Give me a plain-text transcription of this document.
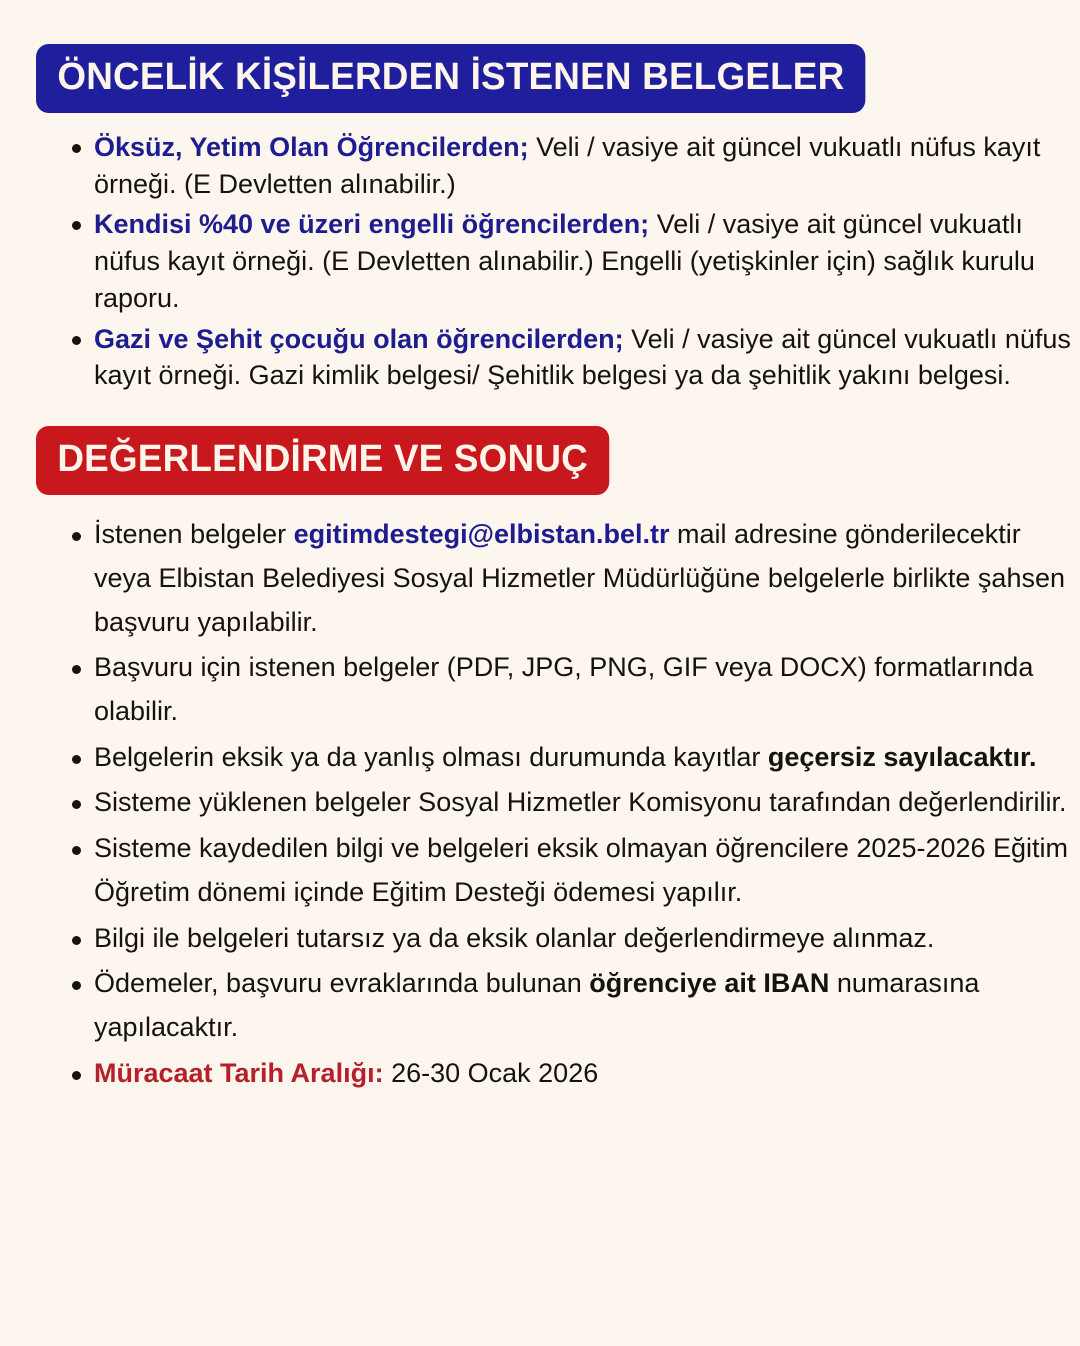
ÖNCELİK KİŞİLERDEN İSTENEN BELGELER
Öksüz, Yetim Olan Öğrencilerden; Veli / vasiye ait güncel vukuatlı nüfus kayıt örneği. (E Devletten alınabilir.)
Kendisi %40 ve üzeri engelli öğrencilerden; Veli / vasiye ait güncel vukuatlı nüfus kayıt örneği. (E Devletten alınabilir.) Engelli (yetişkinler için) sağlık kurulu raporu.
Gazi ve Şehit çocuğu olan öğrencilerden; Veli / vasiye ait güncel vukuatlı nüfus kayıt örneği. Gazi kimlik belgesi/ Şehitlik belgesi ya da şehitlik yakını belgesi.
DEĞERLENDİRME VE SONUÇ
İstenen belgeler egitimdestegi@elbistan.bel.tr mail adresine gönderilecektir veya Elbistan Belediyesi Sosyal Hizmetler Müdürlüğüne belgelerle birlikte şahsen başvuru yapılabilir.
Başvuru için istenen belgeler (PDF, JPG, PNG, GIF veya DOCX) formatlarında olabilir.
Belgelerin eksik ya da yanlış olması durumunda kayıtlar geçersiz sayılacaktır.
Sisteme yüklenen belgeler Sosyal Hizmetler Komisyonu tarafından değerlendirilir.
Sisteme kaydedilen bilgi ve belgeleri eksik olmayan öğrencilere 2025-2026 Eğitim Öğretim dönemi içinde Eğitim Desteği ödemesi yapılır.
Bilgi ile belgeleri tutarsız ya da eksik olanlar değerlendirmeye alınmaz.
Ödemeler, başvuru evraklarında bulunan öğrenciye ait IBAN numarasına yapılacaktır.
Müracaat Tarih Aralığı: 26-30 Ocak 2026
